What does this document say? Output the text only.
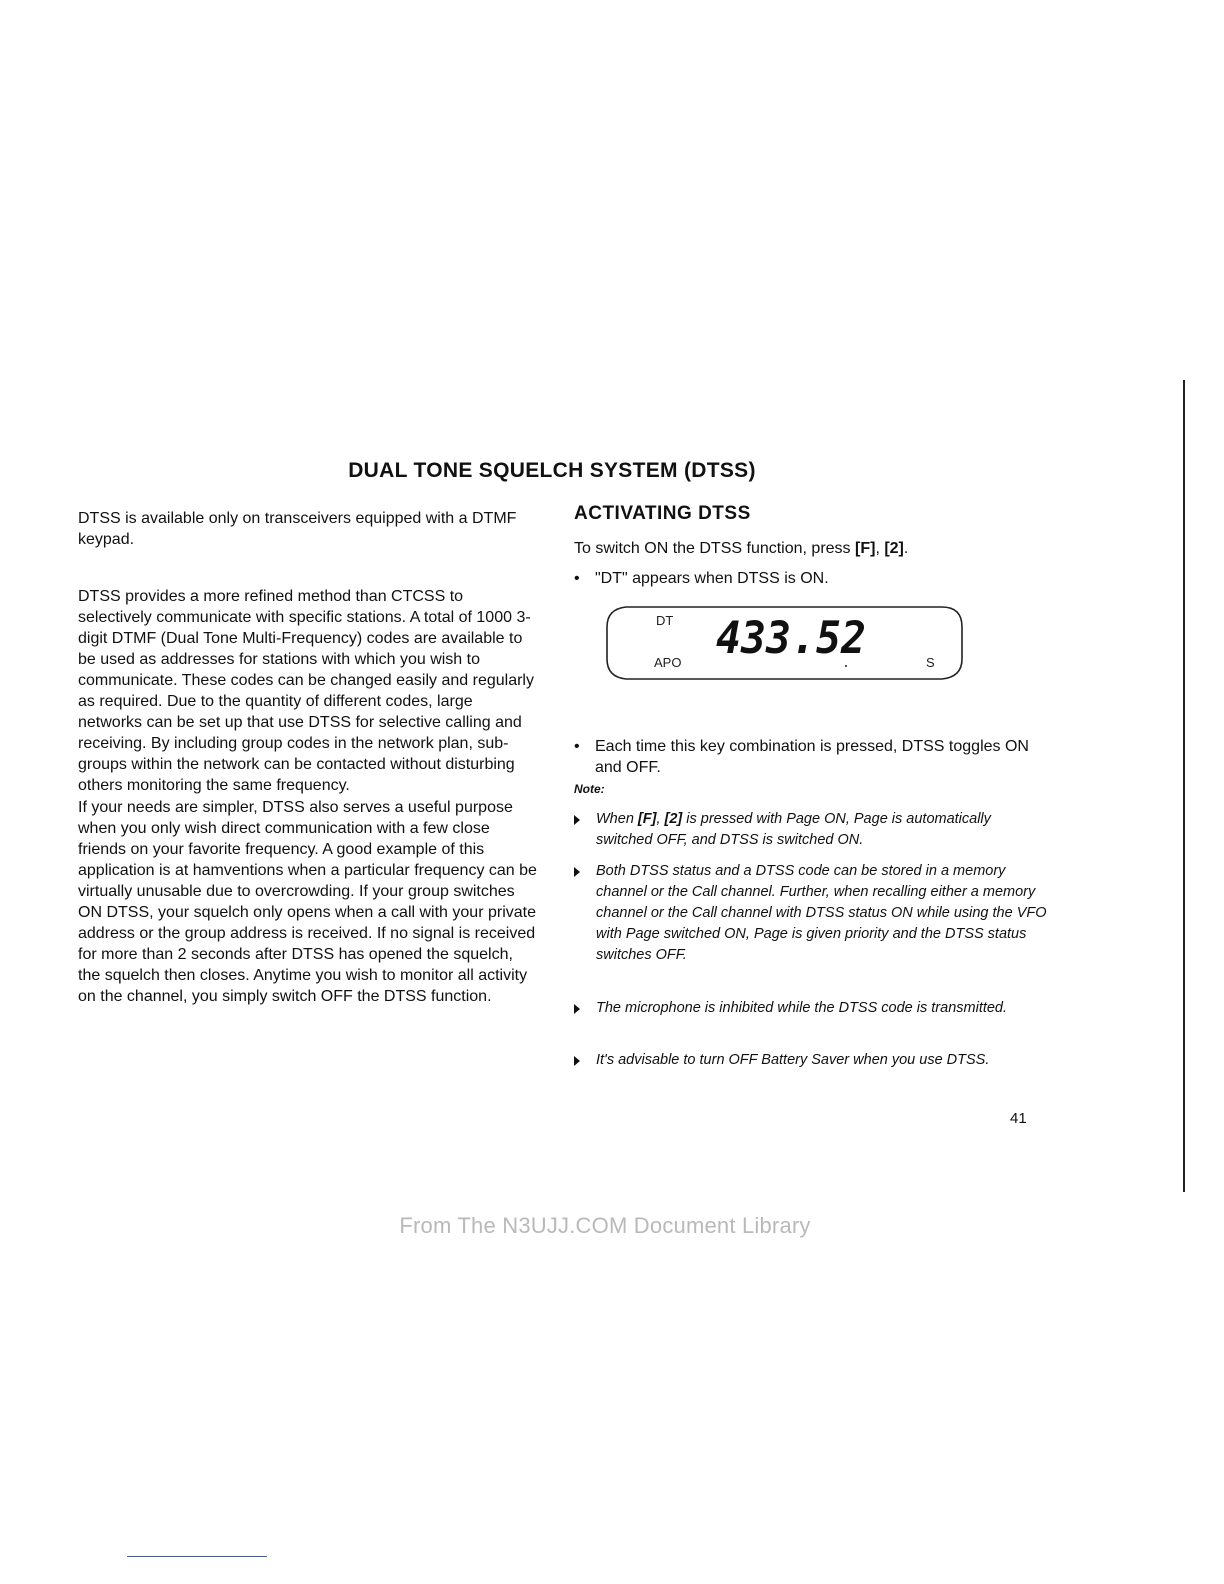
DUAL TONE SQUELCH SYSTEM (DTSS)

DTSS is available only on transceivers equipped with a DTMF keypad.

DTSS provides a more refined method than CTCSS to selectively communicate with specific stations. A total of 1000 3-digit DTMF (Dual Tone Multi-Frequency) codes are available to be used as addresses for stations with which you wish to communicate. These codes can be changed easily and regularly as required. Due to the quantity of different codes, large networks can be set up that use DTSS for selective calling and receiving. By including group codes in the network plan, sub-groups within the network can be contacted without disturbing others monitoring the same frequency.

If your needs are simpler, DTSS also serves a useful purpose when you only wish direct communication with a few close friends on your favorite frequency. A good example of this application is at hamventions when a particular frequency can be virtually unusable due to overcrowding. If your group switches ON DTSS, your squelch only opens when a call with your private address or the group address is received. If no signal is received for more than 2 seconds after DTSS has opened the squelch, the squelch then closes. Anytime you wish to monitor all activity on the channel, you simply switch OFF the DTSS function.

ACTIVATING DTSS

To switch ON the DTSS function, press [F], [2].

• "DT" appears when DTSS is ON.

DT
APO	S
433.52

• Each time this key combination is pressed, DTSS toggles ON and OFF.

Note:
When [F], [2] is pressed with Page ON, Page is automatically switched OFF, and DTSS is switched ON.
Both DTSS status and a DTSS code can be stored in a memory channel or the Call channel. Further, when recalling either a memory channel or the Call channel with DTSS status ON while using the VFO with Page switched ON, Page is given priority and the DTSS status switches OFF.
The microphone is inhibited while the DTSS code is transmitted.
It's advisable to turn OFF Battery Saver when you use DTSS.
41
From The N3UJJ.COM Document Library
